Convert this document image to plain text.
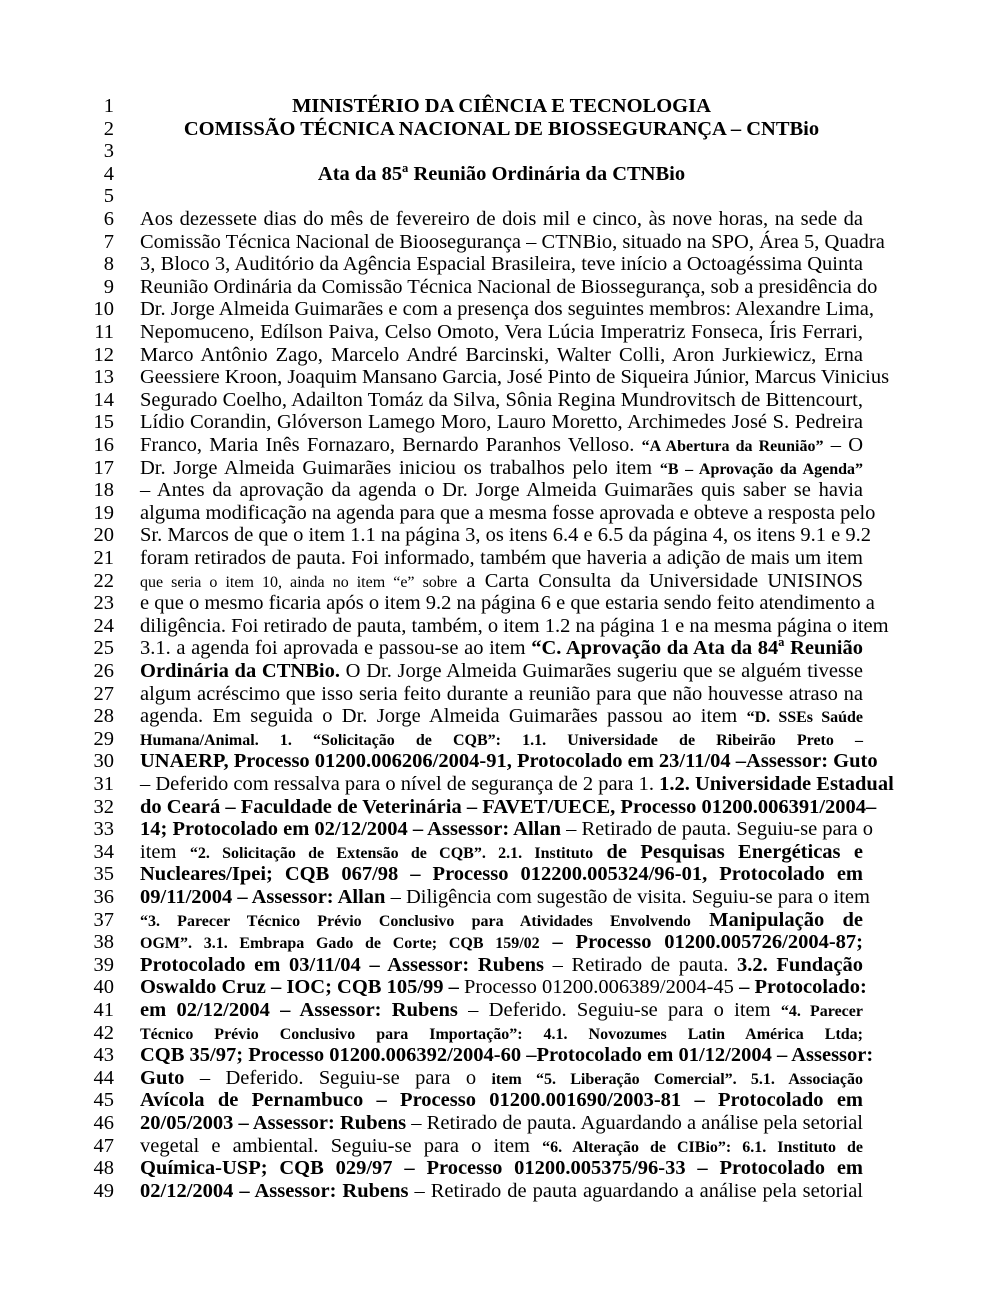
1	MINISTÉRIO DA CIÊNCIA E TECNOLOGIA
2	COMISSÃO TÉCNICA NACIONAL DE BIOSSEGURANÇA – CNTBio
3
4	Ata da 85ª Reunião Ordinária da CTNBio
5
6 Aos dezessete dias do mês de fevereiro de dois mil e cinco, às nove horas, na sede da
7 Comissão Técnica Nacional de Bioosegurança – CTNBio, situado na SPO, Área 5, Quadra
8 3, Bloco 3, Auditório da Agência Espacial Brasileira, teve início a Octoagéssima Quinta
9 Reunião Ordinária da Comissão Técnica Nacional de Biossegurança, sob a presidência do
10 Dr. Jorge Almeida Guimarães e com a presença dos seguintes membros: Alexandre Lima,
11 Nepomuceno, Edílson Paiva, Celso Omoto, Vera Lúcia Imperatriz Fonseca, Íris Ferrari,
12 Marco Antônio Zago, Marcelo André Barcinski, Walter Colli, Aron Jurkiewicz, Erna
13 Geessiere Kroon, Joaquim Mansano Garcia, José Pinto de Siqueira Júnior, Marcus Vinicius
14 Segurado Coelho, Adailton Tomáz da Silva, Sônia Regina Mundrovitsch de Bittencourt,
15 Lídio Corandin, Glóverson Lamego Moro, Lauro Moretto, Archimedes José S. Pedreira
16 Franco, Maria Inês Fornazaro, Bernardo Paranhos Velloso. “A Abertura da Reunião” – O
17 Dr. Jorge Almeida Guimarães iniciou os trabalhos pelo item “B – Aprovação da Agenda”
18 – Antes da aprovação da agenda o Dr. Jorge Almeida Guimarães quis saber se havia
19 alguma modificação na agenda para que a mesma fosse aprovada e obteve a resposta pelo
20 Sr. Marcos de que o item 1.1 na página 3, os itens 6.4 e 6.5 da página 4, os itens 9.1 e 9.2
21 foram retirados de pauta. Foi informado, também que haveria a adição de mais um item
22 que seria o item 10, ainda no item “e” sobre a Carta Consulta da Universidade UNISINOS
23 e que o mesmo ficaria após o item 9.2 na página 6 e que estaria sendo feito atendimento a
24 diligência. Foi retirado de pauta, também, o item 1.2 na página 1 e na mesma página o item
25 3.1. a agenda foi aprovada e passou-se ao item “C. Aprovação da Ata da 84ª Reunião
26 Ordinária da CTNBio. O Dr. Jorge Almeida Guimarães sugeriu que se alguém tivesse
27 algum acréscimo que isso seria feito durante a reunião para que não houvesse atraso na
28 agenda. Em seguida o Dr. Jorge Almeida Guimarães passou ao item “D. SSEs Saúde
29 Humana/Animal. 1. “Solicitação de CQB”: 1.1. Universidade de Ribeirão Preto –
30 UNAERP, Processo 01200.006206/2004-91, Protocolado em 23/11/04 –Assessor: Guto
31 – Deferido com ressalva para o nível de segurança de 2 para 1. 1.2. Universidade Estadual
32 do Ceará – Faculdade de Veterinária – FAVET/UECE, Processo 01200.006391/2004–
33 14; Protocolado em 02/12/2004 – Assessor: Allan – Retirado de pauta. Seguiu-se para o
34 item “2. Solicitação de Extensão de CQB”. 2.1. Instituto de Pesquisas Energéticas e
35 Nucleares/Ipei; CQB 067/98 – Processo 012200.005324/96-01, Protocolado em
36 09/11/2004 – Assessor: Allan – Diligência com sugestão de visita. Seguiu-se para o item
37 “3. Parecer Técnico Prévio Conclusivo para Atividades Envolvendo Manipulação de
38 OGM”. 3.1. Embrapa Gado de Corte; CQB 159/02 – Processo 01200.005726/2004-87;
39 Protocolado em 03/11/04 – Assessor: Rubens – Retirado de pauta. 3.2. Fundação
40 Oswaldo Cruz – IOC; CQB 105/99 – Processo 01200.006389/2004-45 – Protocolado:
41 em 02/12/2004 – Assessor: Rubens – Deferido. Seguiu-se para o item “4. Parecer
42 Técnico Prévio Conclusivo para Importação”: 4.1. Novozumes Latin América Ltda;
43 CQB 35/97; Processo 01200.006392/2004-60 –Protocolado em 01/12/2004 – Assessor:
44 Guto – Deferido. Seguiu-se para o item “5. Liberação Comercial”. 5.1. Associação
45 Avícola de Pernambuco – Processo 01200.001690/2003-81 – Protocolado em
46 20/05/2003 – Assessor: Rubens – Retirado de pauta. Aguardando a análise pela setorial
47 vegetal e ambiental. Seguiu-se para o item “6. Alteração de CIBio”: 6.1. Instituto de
48 Química-USP; CQB 029/97 – Processo 01200.005375/96-33 – Protocolado em
49 02/12/2004 – Assessor: Rubens – Retirado de pauta aguardando a análise pela setorial
